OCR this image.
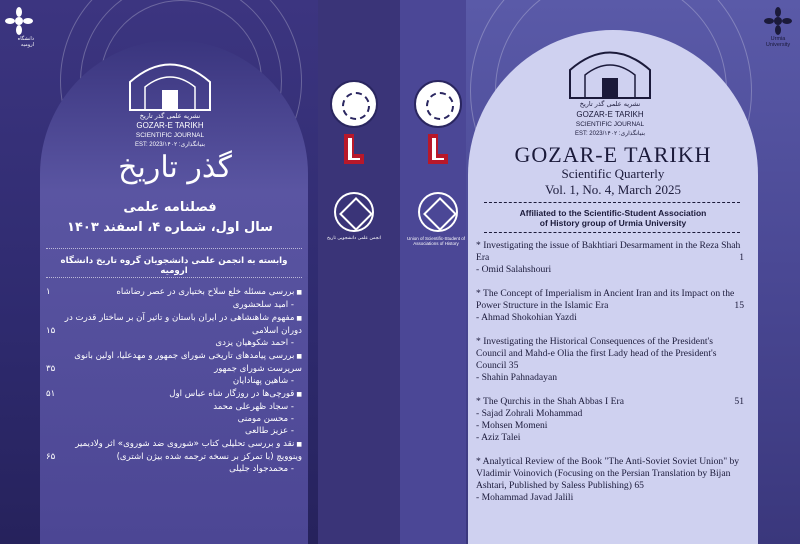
دانشگاه ارومیه
Urmia University
نشریه علمی گذر تاریخ
GOZAR-E TARIKH
SCIENTIFIC JOURNAL
EST: 2023/۱۴۰۲ :بنیانگذاری
گذر تاریخ
فصلنامه علمی
سال اول، شماره ۴، اسفند ۱۴۰۳
وابسته به انجمن علمی دانشجویان گروه تاریخ دانشگاه ارومیه
■ بررسی مسئله خلع سلاح بختیاری در عصر رضاشاه
۱
- امید سلحشوری
■ مفهوم شاهنشاهی در ایران باستان و تاثیر آن بر ساختار قدرت در دوران اسلامی
۱۵
- احمد شکوهیان یزدی
■ بررسی پیامدهای تاریخی شورای جمهور و مهدعلیا، اولین بانوی سرپرست شورای جمهور
۳۵
- شاهین پهنادایان
■ قورچی‌ها در روزگار شاه عباس اول
۵۱
- سجاد ظهرعلی محمد
- محسن مومنی
- عزیز طالعی
■ نقد و بررسی تحلیلی کتاب «شوروی ضد شوروی» اثر ولادیمیر وینوویچ (با تمرکز بر نسخه ترجمه شده بیژن اشتری)
۶۵
- محمدجواد جلیلی
انجمن علمی دانشجویی تاریخ	Union of Scientific-Student of Associations of History
نشریه علمی گذر تاریخ
GOZAR-E TARIKH
SCIENTIFIC JOURNAL
EST: 2023/۱۴۰۲ :بنیانگذاری
GOZAR-E TARIKH
Scientific Quarterly
Vol. 1, No. 4, March 2025
Affiliated to the Scientific-Student Association
of History group of Urmia University
* Investigating the issue of Bakhtiari Desarmament in the Reza Shah Era	1
- Omid Salahshouri
* The Concept of Imperialism in Ancient Iran and its Impact on the Power Structure in the Islamic Era	15
- Ahmad Shokohian Yazdi
* Investigating the Historical Consequences of the President's Council and Mahd-e Olia the first Lady head of the President's Council 35
- Shahin Pahnadayan
* The Qurchis in the Shah Abbas I Era	51
- Sajad Zohrali Mohammad
- Mohsen Momeni
- Aziz Talei
* Analytical Review of the Book "The Anti-Soviet Soviet Union" by Vladimir Voinovich (Focusing on the Persian Translation by Bijan Ashtari, Published by Saless Publishing) 65
- Mohammad Javad Jalili
